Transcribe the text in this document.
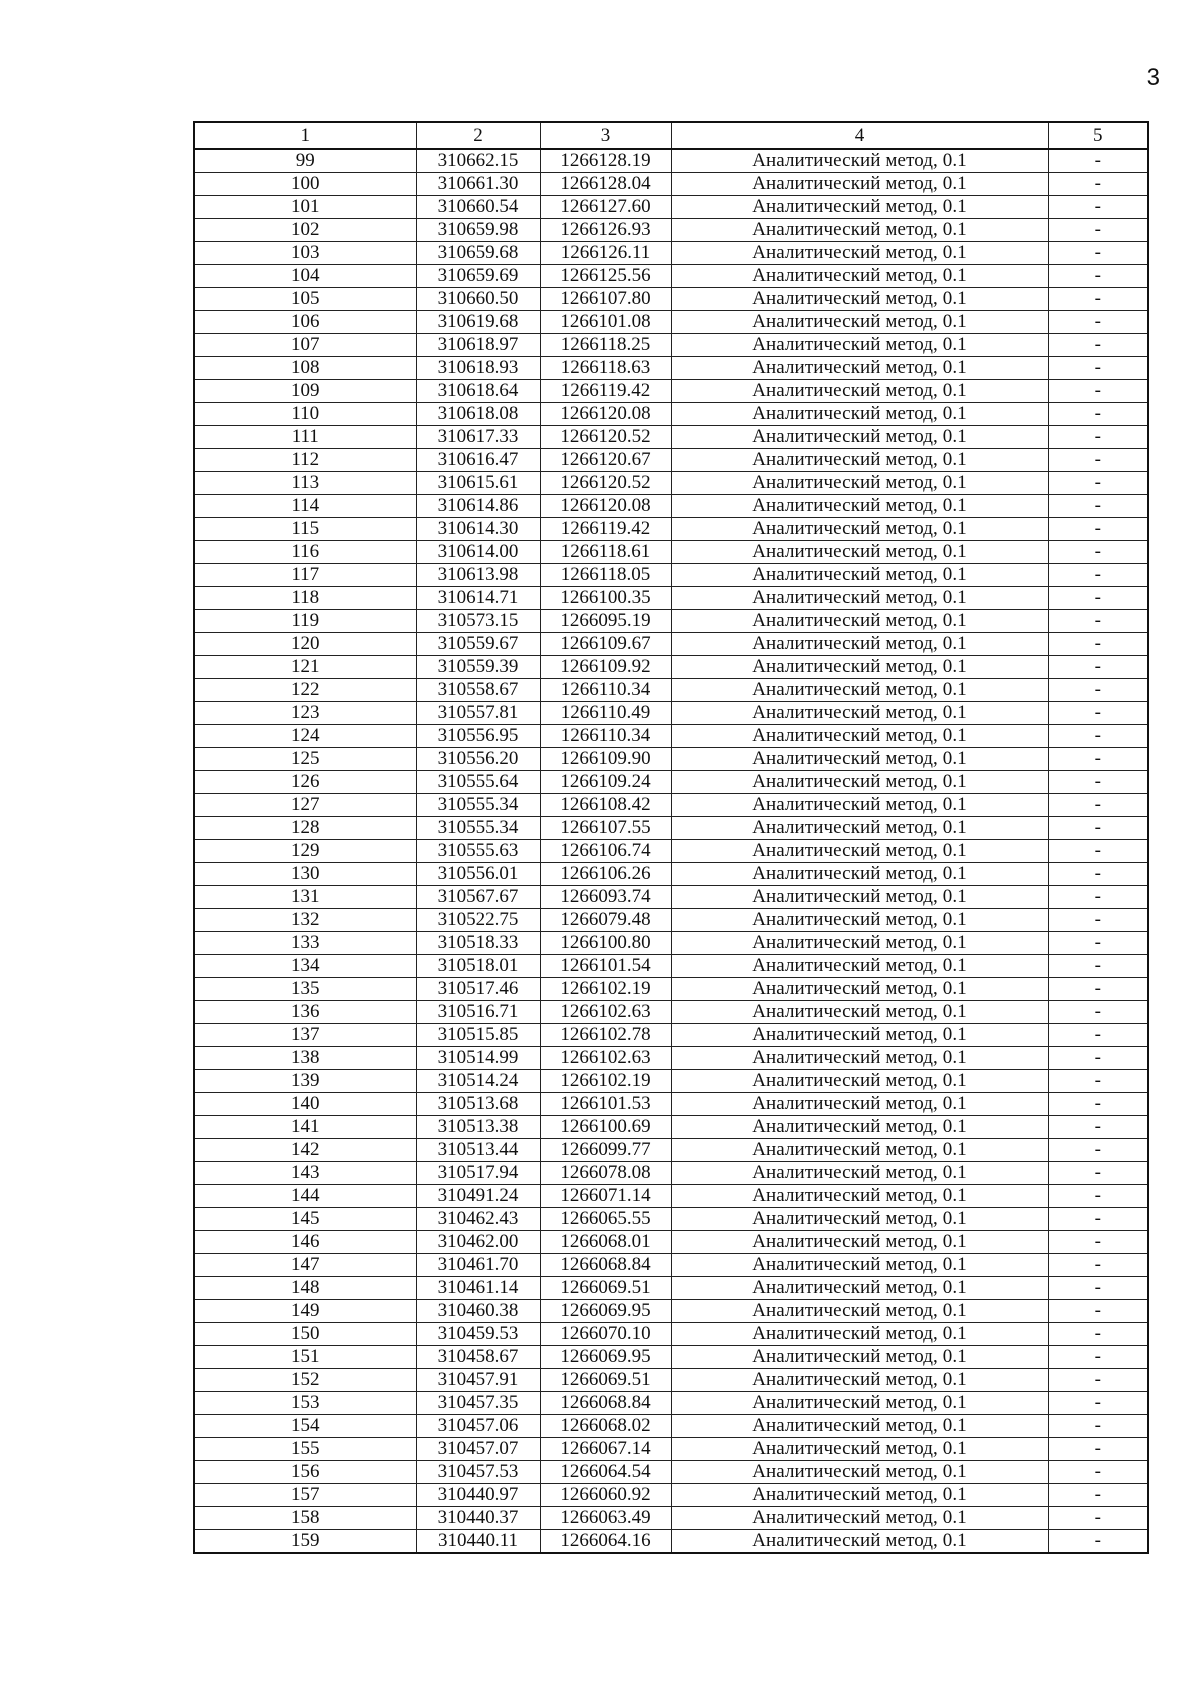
3
1	2	3	4	5
99	310662.15	1266128.19	Аналитический метод, 0.1	-
100	310661.30	1266128.04	Аналитический метод, 0.1	-
101	310660.54	1266127.60	Аналитический метод, 0.1	-
102	310659.98	1266126.93	Аналитический метод, 0.1	-
103	310659.68	1266126.11	Аналитический метод, 0.1	-
104	310659.69	1266125.56	Аналитический метод, 0.1	-
105	310660.50	1266107.80	Аналитический метод, 0.1	-
106	310619.68	1266101.08	Аналитический метод, 0.1	-
107	310618.97	1266118.25	Аналитический метод, 0.1	-
108	310618.93	1266118.63	Аналитический метод, 0.1	-
109	310618.64	1266119.42	Аналитический метод, 0.1	-
110	310618.08	1266120.08	Аналитический метод, 0.1	-
111	310617.33	1266120.52	Аналитический метод, 0.1	-
112	310616.47	1266120.67	Аналитический метод, 0.1	-
113	310615.61	1266120.52	Аналитический метод, 0.1	-
114	310614.86	1266120.08	Аналитический метод, 0.1	-
115	310614.30	1266119.42	Аналитический метод, 0.1	-
116	310614.00	1266118.61	Аналитический метод, 0.1	-
117	310613.98	1266118.05	Аналитический метод, 0.1	-
118	310614.71	1266100.35	Аналитический метод, 0.1	-
119	310573.15	1266095.19	Аналитический метод, 0.1	-
120	310559.67	1266109.67	Аналитический метод, 0.1	-
121	310559.39	1266109.92	Аналитический метод, 0.1	-
122	310558.67	1266110.34	Аналитический метод, 0.1	-
123	310557.81	1266110.49	Аналитический метод, 0.1	-
124	310556.95	1266110.34	Аналитический метод, 0.1	-
125	310556.20	1266109.90	Аналитический метод, 0.1	-
126	310555.64	1266109.24	Аналитический метод, 0.1	-
127	310555.34	1266108.42	Аналитический метод, 0.1	-
128	310555.34	1266107.55	Аналитический метод, 0.1	-
129	310555.63	1266106.74	Аналитический метод, 0.1	-
130	310556.01	1266106.26	Аналитический метод, 0.1	-
131	310567.67	1266093.74	Аналитический метод, 0.1	-
132	310522.75	1266079.48	Аналитический метод, 0.1	-
133	310518.33	1266100.80	Аналитический метод, 0.1	-
134	310518.01	1266101.54	Аналитический метод, 0.1	-
135	310517.46	1266102.19	Аналитический метод, 0.1	-
136	310516.71	1266102.63	Аналитический метод, 0.1	-
137	310515.85	1266102.78	Аналитический метод, 0.1	-
138	310514.99	1266102.63	Аналитический метод, 0.1	-
139	310514.24	1266102.19	Аналитический метод, 0.1	-
140	310513.68	1266101.53	Аналитический метод, 0.1	-
141	310513.38	1266100.69	Аналитический метод, 0.1	-
142	310513.44	1266099.77	Аналитический метод, 0.1	-
143	310517.94	1266078.08	Аналитический метод, 0.1	-
144	310491.24	1266071.14	Аналитический метод, 0.1	-
145	310462.43	1266065.55	Аналитический метод, 0.1	-
146	310462.00	1266068.01	Аналитический метод, 0.1	-
147	310461.70	1266068.84	Аналитический метод, 0.1	-
148	310461.14	1266069.51	Аналитический метод, 0.1	-
149	310460.38	1266069.95	Аналитический метод, 0.1	-
150	310459.53	1266070.10	Аналитический метод, 0.1	-
151	310458.67	1266069.95	Аналитический метод, 0.1	-
152	310457.91	1266069.51	Аналитический метод, 0.1	-
153	310457.35	1266068.84	Аналитический метод, 0.1	-
154	310457.06	1266068.02	Аналитический метод, 0.1	-
155	310457.07	1266067.14	Аналитический метод, 0.1	-
156	310457.53	1266064.54	Аналитический метод, 0.1	-
157	310440.97	1266060.92	Аналитический метод, 0.1	-
158	310440.37	1266063.49	Аналитический метод, 0.1	-
159	310440.11	1266064.16	Аналитический метод, 0.1	-
